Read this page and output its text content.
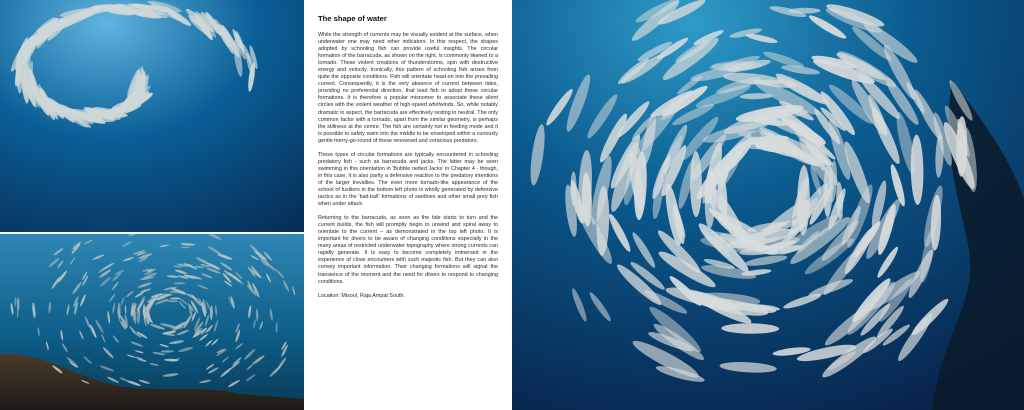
The shape of water

While the strength of currents may be visually evident at the surface, when underwater one may need other indicators. In this respect, the shapes adopted by schooling fish can provide useful insights. The circular formation of the barracuda, as shown on the right, is commonly likened to a tornado. These violent creations of thunderstorms, spin with destructive energy and velocity. Ironically, this pattern of schooling fish arises from quite the opposite conditions. Fish will orientate head-on into the prevailing current. Consequently, it is the very absence of current between tides, providing no preferential direction, that lead fish to adopt these circular formations. It is therefore a popular misnomer to associate these silent circles with the violent weather of high-speed whirlwinds. So, while notably dramatic in aspect, the barracuda are effectively resting in neutral. The only common factor with a tornado, apart from the similar geometry, is perhaps the stillness at the centre. The fish are certainly not in feeding mode and it is possible to safely swim into the middle to be enveloped within a curiously gentle merry-go-round of these renowned and voracious predators.

These types of circular formations are typically encountered in schooling predatory fish - such as barracuda and jacks. The latter may be seen swimming in this orientation in 'Bubble netted Jacks' in Chapter 4 - though, in this case, it is also partly a defensive reaction to the predatory intentions of the larger trevallies. The even more tornado-like appearance of the school of fusiliers in the bottom left photo is wholly generated by defensive tactics as in the 'bait-ball' formations of sardines and other small prey fish when under attack.

Returning to the barracuda, as soon as the tide starts to turn and the current builds, the fish will promptly begin to unwind and spiral away to orientate to the current – as demonstrated in the top left photo. It is important for divers to be aware of changing conditions especially in the many areas of restricted underwater topography where strong currents can rapidly generate. It is easy to become completely immersed in the experience of close encounters with such majestic fish. But they can also convey important information. Their changing formations will signal the transience of the moment and the need for divers to respond to changing conditions.

Location: Misool, Raja Ampat South.
